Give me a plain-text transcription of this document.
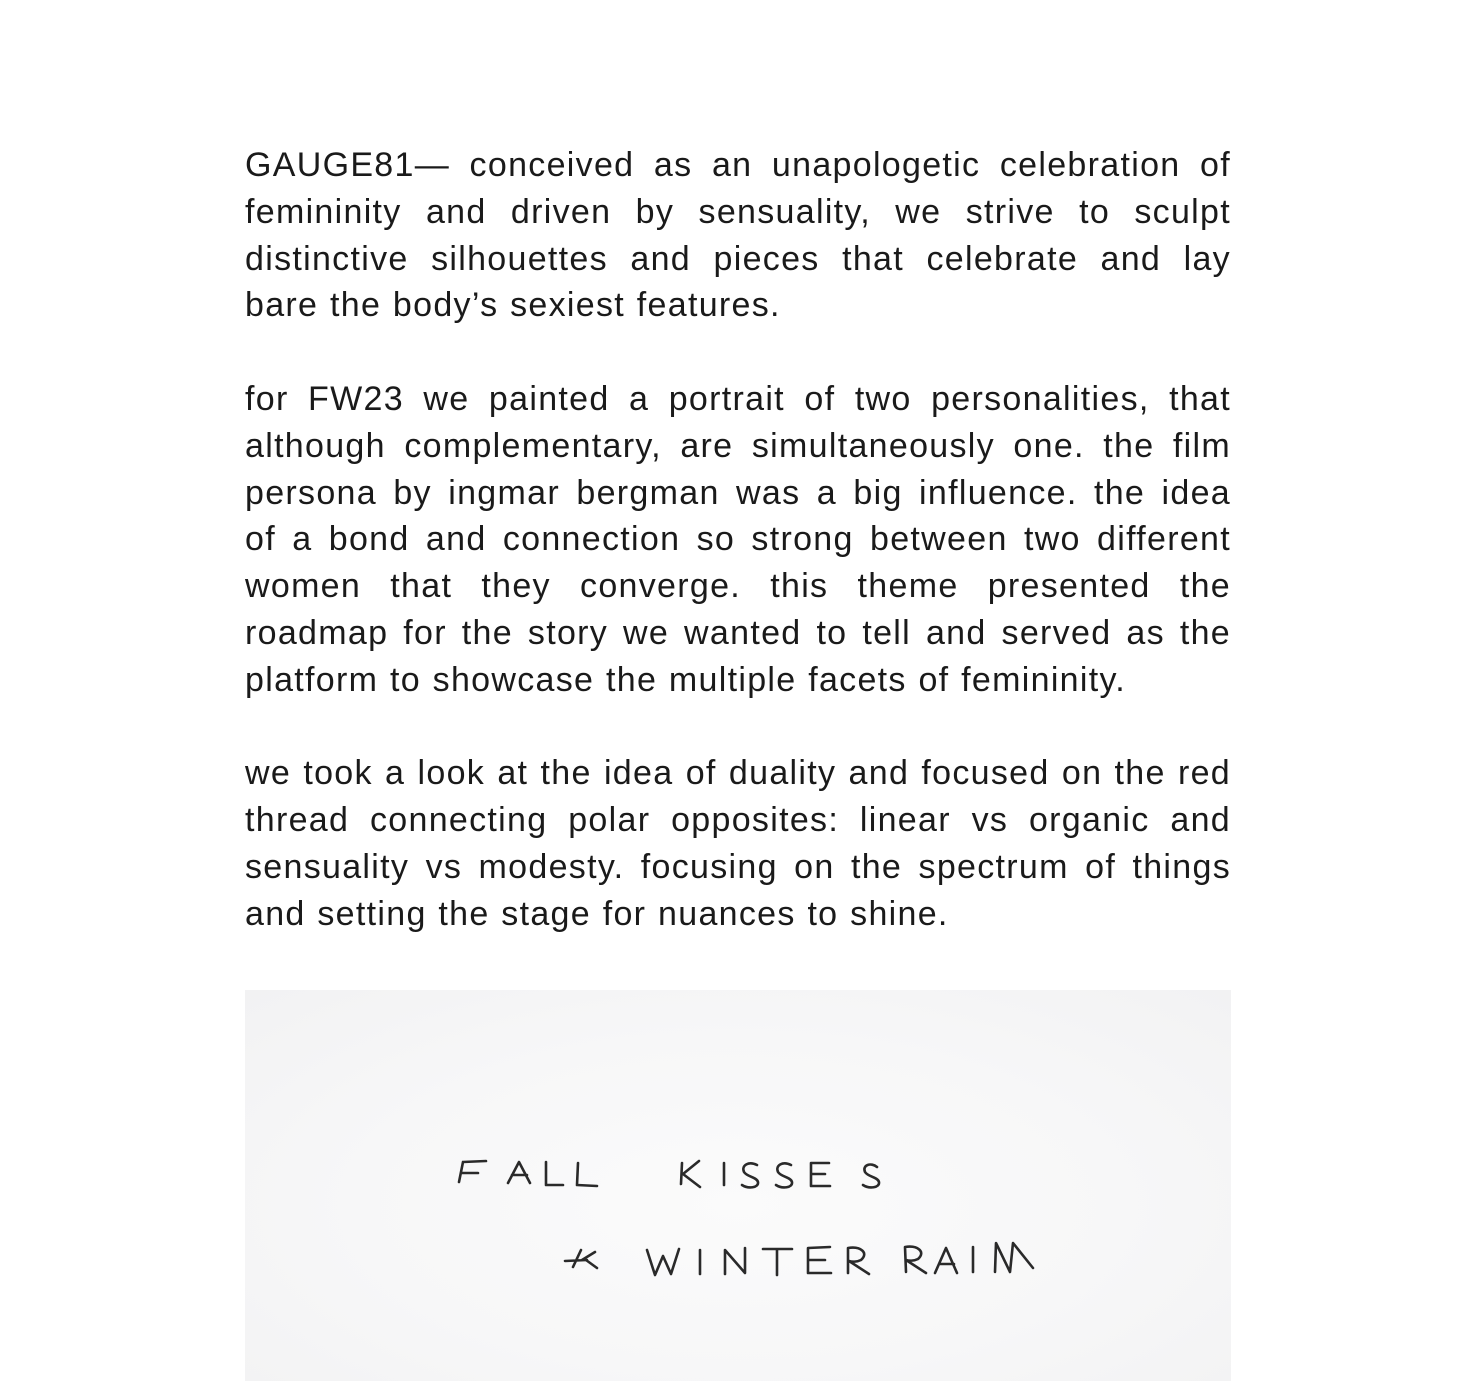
GAUGE81— conceived as an unapologetic celebration of femininity and driven by sensuality, we strive to sculpt distinctive silhouettes and pieces that celebrate and lay bare the body’s sexiest features.

for FW23 we painted a portrait of two personalities, that although complementary, are simultaneously one. the film persona by ingmar bergman was a big influence. the idea of a bond and connection so strong between two different women that they converge. this theme presented the roadmap for the story we wanted to tell and served as the platform to showcase the multiple facets of femininity.

we took a look at the idea of duality and focused on the red thread connecting polar opposites: linear vs organic and sensuality vs modesty. focusing on the spectrum of things and setting the stage for nuances to shine.
